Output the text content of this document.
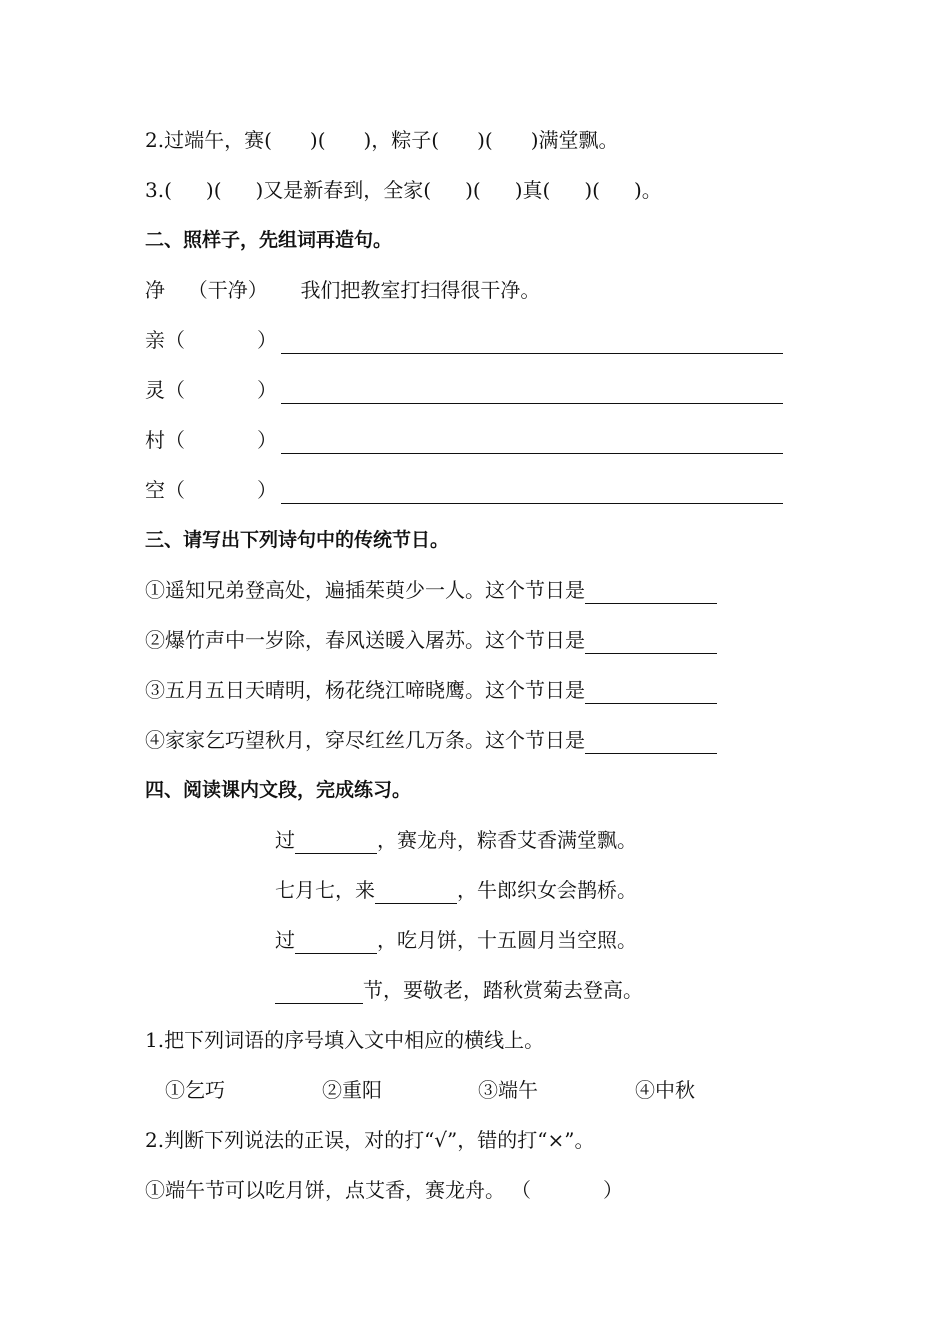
2.过端午，赛( )( )，粽子( )( )满堂飘。
3.( )( )又是新春到，全家( )( )真( )( )。
二、照样子，先组词再造句。
净 （干净） 我们把教室打扫得很干净。
亲（	）
灵（	）
村（	）
空（	）
三、请写出下列诗句中的传统节日。
①遥知兄弟登高处，遍插茱萸少一人。这个节日是
②爆竹声中一岁除，春风送暖入屠苏。这个节日是
③五月五日天晴明，杨花绕江啼晓鹰。这个节日是
④家家乞巧望秋月，穿尽红丝几万条。这个节日是
四、阅读课内文段，完成练习。
过	，赛龙舟，粽香艾香满堂飘。
七月七，来	，牛郎织女会鹊桥。
过	，吃月饼，十五圆月当空照。
节，要敬老，踏秋赏菊去登高。
1.把下列词语的序号填入文中相应的横线上。
①乞巧	②重阳	③端午	④中秋
2.判断下列说法的正误，对的打“√”，错的打“×”。
①端午节可以吃月饼，点艾香，赛龙舟。 （	）
